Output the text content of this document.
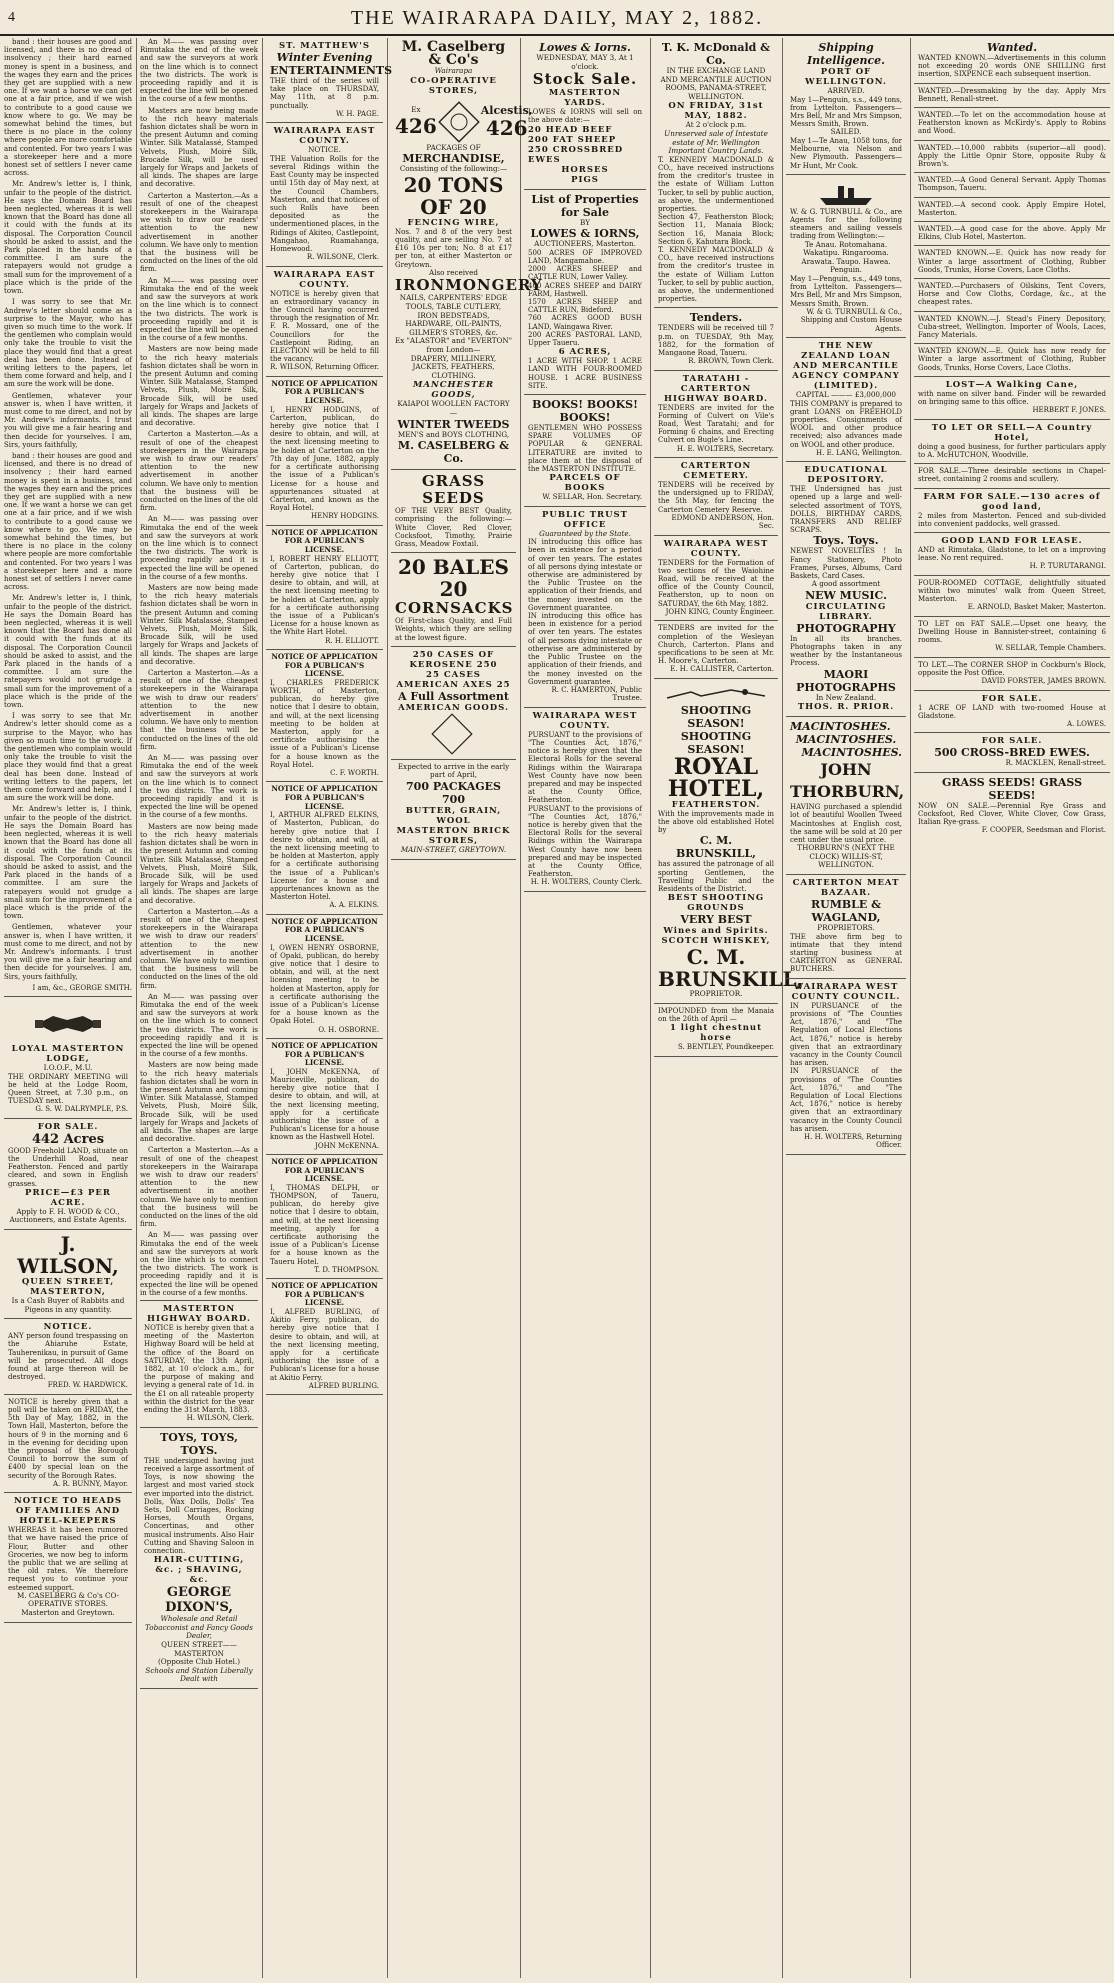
4	THE WAIRARAPA DAILY, MAY 2, 1882.

band : their houses are good and licensed, and there is no dread of insolvency ; their hard earned money is spent in a business, and the wages they earn and the prices they get are supplied with a new one. If we want a horse we can get one at a fair price, and if we wish to contribute to a good cause we know where to go. We may be somewhat behind the times, but there is no place in the colony where people are more comfortable and contented. For two years I was a storekeeper here and a more honest set of settlers I never came across.

Mr. Andrew's letter is, I think, unfair to the people of the district. He says the Domain Board has been neglected, whereas it is well known that the Board has done all it could with the funds at its disposal. The Corporation Council should be asked to assist, and the Park placed in the hands of a committee. I am sure the ratepayers would not grudge a small sum for the improvement of a place which is the pride of the town.

I was sorry to see that Mr. Andrew's letter should come as a surprise to the Mayor, who has given so much time to the work. If the gentlemen who complain would only take the trouble to visit the place they would find that a great deal has been done. Instead of writing letters to the papers, let them come forward and help, and I am sure the work will be done.

Gentlemen, whatever your answer is, when I have written, it must come to me direct, and not by Mr. Andrew's informants. I trust you will give me a fair hearing and then decide for yourselves. I am, Sirs, yours faithfully,

band : their houses are good and licensed, and there is no dread of insolvency ; their hard earned money is spent in a business, and the wages they earn and the prices they get are supplied with a new one. If we want a horse we can get one at a fair price, and if we wish to contribute to a good cause we know where to go. We may be somewhat behind the times, but there is no place in the colony where people are more comfortable and contented. For two years I was a storekeeper here and a more honest set of settlers I never came across.

Mr. Andrew's letter is, I think, unfair to the people of the district. He says the Domain Board has been neglected, whereas it is well known that the Board has done all it could with the funds at its disposal. The Corporation Council should be asked to assist, and the Park placed in the hands of a committee. I am sure the ratepayers would not grudge a small sum for the improvement of a place which is the pride of the town.

I was sorry to see that Mr. Andrew's letter should come as a surprise to the Mayor, who has given so much time to the work. If the gentlemen who complain would only take the trouble to visit the place they would find that a great deal has been done. Instead of writing letters to the papers, let them come forward and help, and I am sure the work will be done.

Mr. Andrew's letter is, I think, unfair to the people of the district. He says the Domain Board has been neglected, whereas it is well known that the Board has done all it could with the funds at its disposal. The Corporation Council should be asked to assist, and the Park placed in the hands of a committee. I am sure the ratepayers would not grudge a small sum for the improvement of a place which is the pride of the town.

Gentlemen, whatever your answer is, when I have written, it must come to me direct, and not by Mr. Andrew's informants. I trust you will give me a fair hearing and then decide for yourselves. I am, Sirs, yours faithfully,

I am, &c., GEORGE SMITH.
LOYAL MASTERTON LODGE,
I.O.O.F., M.U.
THE ORDINARY MEETING will be held at the Lodge Room, Queen Street, at 7.30 p.m., on TUESDAY next.
G. S. W. DALRYMPLE, P.S.
FOR SALE.
442 Acres
GOOD Freehold LAND, situate on the Underhill Road, near Featherston. Fenced and partly cleared, and sown in English grasses.
PRICE—£3 PER ACRE.
Apply to F. H. WOOD & CO., Auctioneers, and Estate Agents.
J. WILSON,
QUEEN STREET, MASTERTON,
Is a Cash Buyer of Rabbits and Pigeons in any quantity.
NOTICE.
ANY person found trespassing on the Ahiaruhe Estate, Tauherenikau, in pursuit of Game will be prosecuted. All dogs found at large thereon will be destroyed.
FRED. W. HARDWICK.
NOTICE is hereby given that a poll will be taken on FRIDAY, the 5th Day of May, 1882, in the Town Hall, Masterton, before the hours of 9 in the morning and 6 in the evening for deciding upon the proposal of the Borough Council to borrow the sum of £400 by special loan on the security of the Borough Rates.
A. R. BUNNY, Mayor.
NOTICE TO HEADS OF FAMILIES AND HOTEL-KEEPERS
WHEREAS it has been rumored that we have raised the price of Flour, Butter and other Groceries, we now beg to inform the public that we are selling at the old rates. We therefore request you to continue your esteemed support.
M. CASELBERG & Co's CO-OPERATIVE STORES.
Masterton and Greytown.

An M—— was passing over Rimutaka the end of the week and saw the surveyors at work on the line which is to connect the two districts. The work is proceeding rapidly and it is expected the line will be opened in the course of a few months.

Masters are now being made to the rich heavy materials fashion dictates shall be worn in the present Autumn and coming Winter. Silk Matalassé, Stamped Velvets, Plush, Moiré Silk, Brocade Silk, will be used largely for Wraps and Jackets of all kinds. The shapes are large and decorative.

Carterton a Masterton.—As a result of one of the cheapest storekeepers in the Wairarapa we wish to draw our readers' attention to the new advertisement in another column. We have only to mention that the business will be conducted on the lines of the old firm.

An M—— was passing over Rimutaka the end of the week and saw the surveyors at work on the line which is to connect the two districts. The work is proceeding rapidly and it is expected the line will be opened in the course of a few months.

Masters are now being made to the rich heavy materials fashion dictates shall be worn in the present Autumn and coming Winter. Silk Matalassé, Stamped Velvets, Plush, Moiré Silk, Brocade Silk, will be used largely for Wraps and Jackets of all kinds. The shapes are large and decorative.

Carterton a Masterton.—As a result of one of the cheapest storekeepers in the Wairarapa we wish to draw our readers' attention to the new advertisement in another column. We have only to mention that the business will be conducted on the lines of the old firm.

An M—— was passing over Rimutaka the end of the week and saw the surveyors at work on the line which is to connect the two districts. The work is proceeding rapidly and it is expected the line will be opened in the course of a few months.

Masters are now being made to the rich heavy materials fashion dictates shall be worn in the present Autumn and coming Winter. Silk Matalassé, Stamped Velvets, Plush, Moiré Silk, Brocade Silk, will be used largely for Wraps and Jackets of all kinds. The shapes are large and decorative.

Carterton a Masterton.—As a result of one of the cheapest storekeepers in the Wairarapa we wish to draw our readers' attention to the new advertisement in another column. We have only to mention that the business will be conducted on the lines of the old firm.

An M—— was passing over Rimutaka the end of the week and saw the surveyors at work on the line which is to connect the two districts. The work is proceeding rapidly and it is expected the line will be opened in the course of a few months.

Masters are now being made to the rich heavy materials fashion dictates shall be worn in the present Autumn and coming Winter. Silk Matalassé, Stamped Velvets, Plush, Moiré Silk, Brocade Silk, will be used largely for Wraps and Jackets of all kinds. The shapes are large and decorative.

Carterton a Masterton.—As a result of one of the cheapest storekeepers in the Wairarapa we wish to draw our readers' attention to the new advertisement in another column. We have only to mention that the business will be conducted on the lines of the old firm.

An M—— was passing over Rimutaka the end of the week and saw the surveyors at work on the line which is to connect the two districts. The work is proceeding rapidly and it is expected the line will be opened in the course of a few months.

Masters are now being made to the rich heavy materials fashion dictates shall be worn in the present Autumn and coming Winter. Silk Matalassé, Stamped Velvets, Plush, Moiré Silk, Brocade Silk, will be used largely for Wraps and Jackets of all kinds. The shapes are large and decorative.

Carterton a Masterton.—As a result of one of the cheapest storekeepers in the Wairarapa we wish to draw our readers' attention to the new advertisement in another column. We have only to mention that the business will be conducted on the lines of the old firm.

An M—— was passing over Rimutaka the end of the week and saw the surveyors at work on the line which is to connect the two districts. The work is proceeding rapidly and it is expected the line will be opened in the course of a few months.

MASTERTON HIGHWAY BOARD.
NOTICE is hereby given that a meeting of the Masterton Highway Board will be held at the office of the Board on SATURDAY, the 13th April, 1882, at 10 o'clock a.m., for the purpose of making and levying a general rate of 1d. in the £1 on all rateable property within the district for the year ending the 31st March, 1883.
H. WILSON, Clerk.
TOYS, TOYS, TOYS.
THE undersigned having just received a large assortment of Toys, is now showing the largest and most varied stock ever imported into the district. Dolls, Wax Dolls, Dolls' Tea Sets, Doll Carriages, Rocking Horses, Mouth Organs, Concertinas, and other musical instruments. Also Hair Cutting and Shaving Saloon in connection.
HAIR-CUTTING, &c. ; SHAVING, &c.
GEORGE DIXON'S,
Wholesale and Retail Tobacconist and Fancy Goods Dealer,
QUEEN STREET——MASTERTON
(Opposite Club Hotel.)
Schools and Station Liberally Dealt with
ST. MATTHEW'S
Winter Evening
ENTERTAINMENTS
THE third of the series will take place on THURSDAY, May 11th, at 8 p.m. punctually.
W. H. PAGE.
WAIRARAPA EAST COUNTY.
NOTICE.
THE Valuation Rolls for the several Ridings within the East County may be inspected until 15th day of May next, at the Council Chambers, Masterton, and that notices of such Rolls have been deposited as the undermentioned places, in the Ridings of Akiteo, Castlepoint, Mangahao, Ruamahanga, Homewood.
R. WILSONE, Clerk.
WAIRARAPA EAST COUNTY.
NOTICE is hereby given that an extraordinary vacancy in the Council having occurred through the resignation of Mr. F. R. Mossard, one of the Councillors for the Castlepoint Riding, an ELECTION will be held to fill the vacancy.
R. WILSON, Returning Officer.
NOTICE OF APPLICATION FOR A PUBLICAN'S LICENSE.
I, HENRY HODGINS, of Carterton, publican, do hereby give notice that I desire to obtain, and will, at the next licensing meeting to be holden at Carterton on the 7th day of June, 1882, apply for a certificate authorising the issue of a Publican's License for a house and appurtenances situated at Carterton, and known as the Royal Hotel.
HENRY HODGINS.
NOTICE OF APPLICATION FOR A PUBLICAN'S LICENSE.
I, ROBERT HENRY ELLIOTT, of Carterton, publican, do hereby give notice that I desire to obtain, and will, at the next licensing meeting to be holden at Carterton, apply for a certificate authorising the issue of a Publican's License for a house known as the White Hart Hotel.
R. H. ELLIOTT.
NOTICE OF APPLICATION FOR A PUBLICAN'S LICENSE.
I, CHARLES FREDERICK WORTH, of Masterton, publican, do hereby give notice that I desire to obtain, and will, at the next licensing meeting to be holden at Masterton, apply for a certificate authorising the issue of a Publican's License for a house known as the Royal Hotel.
C. F. WORTH.
NOTICE OF APPLICATION FOR A PUBLICAN'S LICENSE.
I, ARTHUR ALFRED ELKINS, of Masterton, Publican, do hereby give notice that I desire to obtain, and will, at the next licensing meeting to be holden at Masterton, apply for a certificate authorising the issue of a Publican's License for a house and appurtenances known as the Masterton Hotel.
A. A. ELKINS.
NOTICE OF APPLICATION FOR A PUBLICAN'S LICENSE.
I, OWEN HENRY OSBORNE, of Opaki, publican, do hereby give notice that I desire to obtain, and will, at the next licensing meeting to be holden at Masterton, apply for a certificate authorising the issue of a Publican's License for a house known as the Opaki Hotel.
O. H. OSBORNE.
NOTICE OF APPLICATION FOR A PUBLICAN'S LICENSE.
I, JOHN McKENNA, of Mauriceville, publican, do hereby give notice that I desire to obtain, and will, at the next licensing meeting, apply for a certificate authorising the issue of a Publican's License for a house known as the Hastwell Hotel.
JOHN McKENNA.
NOTICE OF APPLICATION FOR A PUBLICAN'S LICENSE.
I, THOMAS DELPH, or THOMPSON, of Taueru, publican, do hereby give notice that I desire to obtain, and will, at the next licensing meeting, apply for a certificate authorising the issue of a Publican's License for a house known as the Taueru Hotel.
T. D. THOMPSON.
NOTICE OF APPLICATION FOR A PUBLICAN'S LICENSE.
I, ALFRED BURLING, of Akitio Ferry, publican, do hereby give notice that I desire to obtain, and will, at the next licensing meeting, apply for a certificate authorising the issue of a Publican's License for a house at Akitio Ferry.
ALFRED BURLING.
M. Caselberg & Co's
Wairarapa
CO-OPERATIVE STORES,
Ex
426
Alcestis,
426
PACKAGES OF
MERCHANDISE,
Consisting of the following:—
20 TONS OF 20
FENCING WIRE,
Nos. 7 and 8 of the very best quality, and are selling No. 7 at £16 10s per ton; No. 8 at £17 per ton, at either Masterton or Greytown.
Also received
IRONMONGERY
NAILS, CARPENTERS' EDGE TOOLS, TABLE CUTLERY, IRON BEDSTEADS, HARDWARE, OIL-PAINTS, GILMER'S STORES, &c.
Ex "ALASTOR" and "EVERTON" from London—
DRAPERY, MILLINERY, JACKETS, FEATHERS, CLOTHING.
MANCHESTER GOODS,
KAIAPOI WOOLLEN FACTORY—
WINTER TWEEDS
MEN'S and BOYS CLOTHING,
M. CASELBERG & Co.
GRASS SEEDS
OF THE VERY BEST Quality, comprising the following:—White Clover, Red Clover, Cocksfoot, Timothy, Prairie Grass, Meadow Foxtail.
20 BALES 20
CORNSACKS
Of First-class Quality, and Full Weights, which they are selling at the lowest figure.
250 CASES OF KEROSENE 250
25 CASES AMERICAN AXES 25
A Full Assortment
AMERICAN GOODS.
Expected to arrive in the early part of April,
700 PACKAGES 700
BUTTER, GRAIN, WOOL
MASTERTON BRICK STORES,
MAIN-STREET, GREYTOWN.
Lowes & Iorns.
WEDNESDAY, MAY 3, At 1 o'clock.
Stock Sale.
MASTERTON YARDS.
LOWES & IORNS will sell on the above date:—
20 HEAD BEEF
200 FAT SHEEP
250 CROSSBRED EWES
HORSES
PIGS
List of Properties for Sale
BY
LOWES & IORNS,
AUCTIONEERS, Masterton.
500 ACRES OF IMPROVED LAND, Mangamahoe.
2000 ACRES SHEEP and CATTLE RUN, Lower Valley.
400 ACRES SHEEP and DAIRY FARM, Hastwell.
1570 ACRES SHEEP and CATTLE RUN, Bideford.
760 ACRES GOOD BUSH LAND, Waingawa River.
200 ACRES PASTORAL LAND, Upper Taueru.
6 ACRES,
1 ACRE WITH SHOP. 1 ACRE LAND WITH FOUR-ROOMED HOUSE. 1 ACRE BUSINESS SITE.
BOOKS! BOOKS! BOOKS!
GENTLEMEN WHO POSSESS SPARE VOLUMES OF POPULAR & GENERAL LITERATURE are invited to place them at the disposal of the MASTERTON INSTITUTE.
PARCELS OF BOOKS
W. SELLAR, Hon. Secretary.
PUBLIC TRUST OFFICE
Guaranteed by the State.
IN introducing this office has been in existence for a period of over ten years. The estates of all persons dying intestate or otherwise are administered by the Public Trustee on the application of their friends, and the money invested on the Government guarantee.
IN introducing this office has been in existence for a period of over ten years. The estates of all persons dying intestate or otherwise are administered by the Public Trustee on the application of their friends, and the money invested on the Government guarantee.
R. C. HAMERTON, Public Trustee.
WAIRARAPA WEST COUNTY.
PURSUANT to the provisions of "The Counties Act, 1876," notice is hereby given that the Electoral Rolls for the several Ridings within the Wairarapa West County have now been prepared and may be inspected at the County Office, Featherston.
PURSUANT to the provisions of "The Counties Act, 1876," notice is hereby given that the Electoral Rolls for the several Ridings within the Wairarapa West County have now been prepared and may be inspected at the County Office, Featherston.
H. H. WOLTERS, County Clerk.
T. K. McDonald & Co.
IN THE EXCHANGE LAND AND MERCANTILE AUCTION ROOMS, PANAMA-STREET, WELLINGTON.
ON FRIDAY, 31st MAY, 1882.
At 2 o'clock p.m.
Unreserved sale of Intestate estate of Mr. Wellington Important Country Lands.
T. KENNEDY MACDONALD & CO., have received instructions from the creditor's trustee in the estate of William Lutton Tucker, to sell by public auction, as above, the undermentioned properties.
Section 47, Featherston Block; Section 11, Manaia Block; Section 16, Manaia Block; Section 6, Kahutara Block.
T. KENNEDY MACDONALD & CO., have received instructions from the creditor's trustee in the estate of William Lutton Tucker, to sell by public auction, as above, the undermentioned properties.
Tenders.
TENDERS will be received till 7 p.m. on TUESDAY, 9th May, 1882, for the formation of Mangaone Road, Taueru.
R. BROWN, Town Clerk.
TARATAHI - CARTERTON HIGHWAY BOARD.
TENDERS are invited for the Forming of Culvert on Vile's Road, West Taratahi; and for Forming 6 chains, and Erecting Culvert on Bugle's Line.
H. E. WOLTERS, Secretary.
CARTERTON CEMETERY.
TENDERS will be received by the undersigned up to FRIDAY, the 5th May, for fencing the Carterton Cemetery Reserve.
EDMOND ANDERSON, Hon. Sec.
WAIRARAPA WEST COUNTY.
TENDERS for the Formation of two sections of the Waiohine Road, will be received at the office of the County Council, Featherston, up to noon on SATURDAY, the 6th May, 1882.
JOHN KING, County Engineer.
TENDERS are invited for the completion of the Wesleyan Church, Carterton. Plans and specifications to be seen at Mr. H. Moore's, Carterton.
E. H. CALLISTER, Carterton.
SHOOTING SEASON!
SHOOTING SEASON!
ROYAL HOTEL,
FEATHERSTON.
With the improvements made in the above old established Hotel by
C. M. BRUNSKILL,
has assured the patronage of all sporting Gentlemen, the Travelling Public and the Residents of the District.
BEST SHOOTING GROUNDS
VERY BEST
Wines and Spirits.
SCOTCH WHISKEY,
C. M. BRUNSKILL,
PROPRIETOR.
IMPOUNDED from the Manaia on the 26th of April —
1 light chestnut horse
S. BENTLEY, Poundkeeper.
Shipping Intelligence.
PORT OF WELLINGTON.
ARRIVED.
May 1—Penguin, s.s., 449 tons, from Lyttelton. Passengers—Mrs Bell, Mr and Mrs Simpson, Messrs Smith, Brown.
SAILED.
May 1—Te Anau, 1058 tons, for Melbourne, via Nelson and New Plymouth. Passengers—Mr Hunt, Mr Cook.
W. & G. TURNBULL & Co., are Agents for the following steamers and sailing vessels trading from Wellington:—
Te Anau. Rotomahana. Wakatipu. Ringarooma. Arawata. Taupo. Hawea. Penguin.
May 1—Penguin, s.s., 449 tons, from Lyttelton. Passengers—Mrs Bell, Mr and Mrs Simpson, Messrs Smith, Brown.
W. & G. TURNBULL & Co., Shipping and Custom House Agents.
THE NEW ZEALAND LOAN AND MERCANTILE AGENCY COMPANY (LIMITED).
CAPITAL ——— £3,000,000
THIS COMPANY is prepared to grant LOANS on FREEHOLD properties. Consignments of WOOL and other produce received; also advances made on WOOL and other produce.
H. E. LANG, Wellington.
EDUCATIONAL DEPOSITORY.
THE Undersigned has just opened up a large and well-selected assortment of TOYS, DOLLS, BIRTHDAY CARDS, TRANSFERS AND RELIEF SCRAPS.
Toys. Toys.
NEWEST NOVELTIES ! In Fancy Stationery, Photo Frames, Purses, Albums, Card Baskets, Card Cases.
A good assortment
NEW MUSIC.
CIRCULATING LIBRARY.
PHOTOGRAPHY
In all its branches. Photographs taken in any weather by the Instantaneous Process.
MAORI PHOTOGRAPHS
In New Zealand.
THOS. R. PRIOR.
MACINTOSHES.
MACINTOSHES.
MACINTOSHES.
JOHN THORBURN,
HAVING purchased a splendid lot of beautiful Woollen Tweed Macintoshes at English cost, the same will be sold at 20 per cent under the usual price.
THORBURN'S (NEXT THE CLOCK) WILLIS-ST, WELLINGTON.
CARTERTON MEAT BAZAAR.
RUMBLE & WAGLAND,
PROPRIETORS.
THE above firm beg to intimate that they intend starting business at CARTERTON as GENERAL BUTCHERS.
WAIRARAPA WEST COUNTY COUNCIL.
IN PURSUANCE of the provisions of "The Counties Act, 1876," and "The Regulation of Local Elections Act, 1876," notice is hereby given that an extraordinary vacancy in the County Council has arisen.
IN PURSUANCE of the provisions of "The Counties Act, 1876," and "The Regulation of Local Elections Act, 1876," notice is hereby given that an extraordinary vacancy in the County Council has arisen.
H. H. WOLTERS, Returning Officer.
Wanted.
WANTED KNOWN.—Advertisements in this column not exceeding 20 words ONE SHILLING first insertion, SIXPENCE each subsequent insertion.
WANTED.—Dressmaking by the day. Apply Mrs Bennett, Renall-street.
WANTED.—To let on the accommodation house at Featherston known as McKirdy's. Apply to Robins and Wood.
WANTED.—10,000 rabbits (superior—all good). Apply the Little Opnir Store, opposite Ruby & Brown's.
WANTED.—A Good General Servant. Apply Thomas Thompson, Taueru.
WANTED.—A second cook. Apply Empire Hotel, Masterton.
WANTED.—A good case for the above. Apply Mr Elkins, Club Hotel, Masterton.
WANTED KNOWN.—E. Quick has now ready for Winter a large assortment of Clothing, Rubber Goods, Trunks, Horse Covers, Lace Cloths.
WANTED.—Purchasers of Oilskins, Tent Covers, Horse and Cow Cloths, Cordage, &c., at the cheapest rates.
WANTED KNOWN.—J. Stead's Finery Depository, Cuba-street, Wellington. Importer of Wools, Laces, Fancy Materials.
WANTED KNOWN.—E. Quick has now ready for Winter a large assortment of Clothing, Rubber Goods, Trunks, Horse Covers, Lace Cloths.
LOST—A Walking Cane,
with name on silver band. Finder will be rewarded on bringing same to this office.
HERBERT F. JONES.
TO LET OR SELL—A Country Hotel,
doing a good business, for further particulars apply to A. McHUTCHON, Woodville.
FOR SALE.—Three desirable sections in Chapel-street, containing 2 rooms and scullery.
FARM FOR SALE.—130 acres of good land,
2 miles from Masterton. Fenced and sub-divided into convenient paddocks, well grassed.
GOOD LAND FOR LEASE.
AND at Rimutaka, Gladstone, to let on a improving lease. No rent required.
H. P. TURUTARANGI.
FOUR-ROOMED COTTAGE, delightfully situated within two minutes' walk from Queen Street, Masterton.
E. ARNOLD, Basket Maker, Masterton.
TO LET on FAT SALE.—Upset one heavy, the Dwelling House in Bannister-street, containing 6 rooms.
W. SELLAR, Temple Chambers.
TO LET.—The CORNER SHOP in Cockburn's Block, opposite the Post Office.
DAVID FORSTER, JAMES BROWN.
FOR SALE.
1 ACRE OF LAND with two-roomed House at Gladstone.
A. LOWES.
FOR SALE.
500 CROSS-BRED EWES.
R. MACKLEN, Renall-street.
GRASS SEEDS! GRASS SEEDS!
NOW ON SALE.—Perennial Rye Grass and Cocksfoot, Red Clover, White Clover, Cow Grass, Italian Rye-grass.
F. COOPER, Seedsman and Florist.
